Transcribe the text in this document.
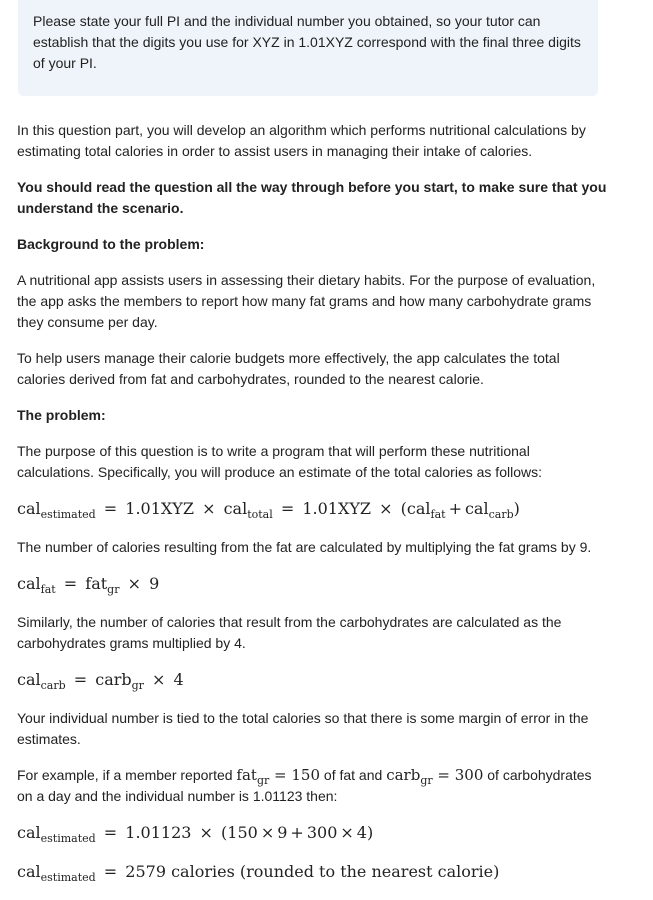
Please state your full PI and the individual number you obtained, so your tutor can establish that the digits you use for XYZ in 1.01XYZ correspond with the final three digits of your PI.

In this question part, you will develop an algorithm which performs nutritional calculations by estimating total calories in order to assist users in managing their intake of calories.

You should read the question all the way through before you start, to make sure that you understand the scenario.

Background to the problem:

A nutritional app assists users in assessing their dietary habits. For the purpose of evaluation, the app asks the members to report how many fat grams and how many carbohydrate grams they consume per day.

To help users manage their calorie budgets more effectively, the app calculates the total calories derived from fat and carbohydrates, rounded to the nearest calorie.

The problem:

The purpose of this question is to write a program that will perform these nutritional calculations. Specifically, you will produce an estimate of the total calories as follows:

cal$_{estimated}$ = 1.01XYZ × cal$_{total}$ = 1.01XYZ × (cal$_{fat}$ + cal$_{carb}$)

The number of calories resulting from the fat are calculated by multiplying the fat grams by 9.

cal$_{fat}$ = fat$_{gr}$ × 9

Similarly, the number of calories that result from the carbohydrates are calculated as the carbohydrates grams multiplied by 4.

cal$_{carb}$ = carb$_{gr}$ × 4

Your individual number is tied to the total calories so that there is some margin of error in the estimates.

For example, if a member reported fat$_{gr}$ = 150 of fat and carb$_{gr}$ = 300 of carbohydrates on a day and the individual number is 1.01123 then:

cal$_{estimated}$ = 1.01123 × (150 × 9 + 300 × 4)
cal$_{estimated}$ = 2579 calories (rounded to the nearest calorie)
